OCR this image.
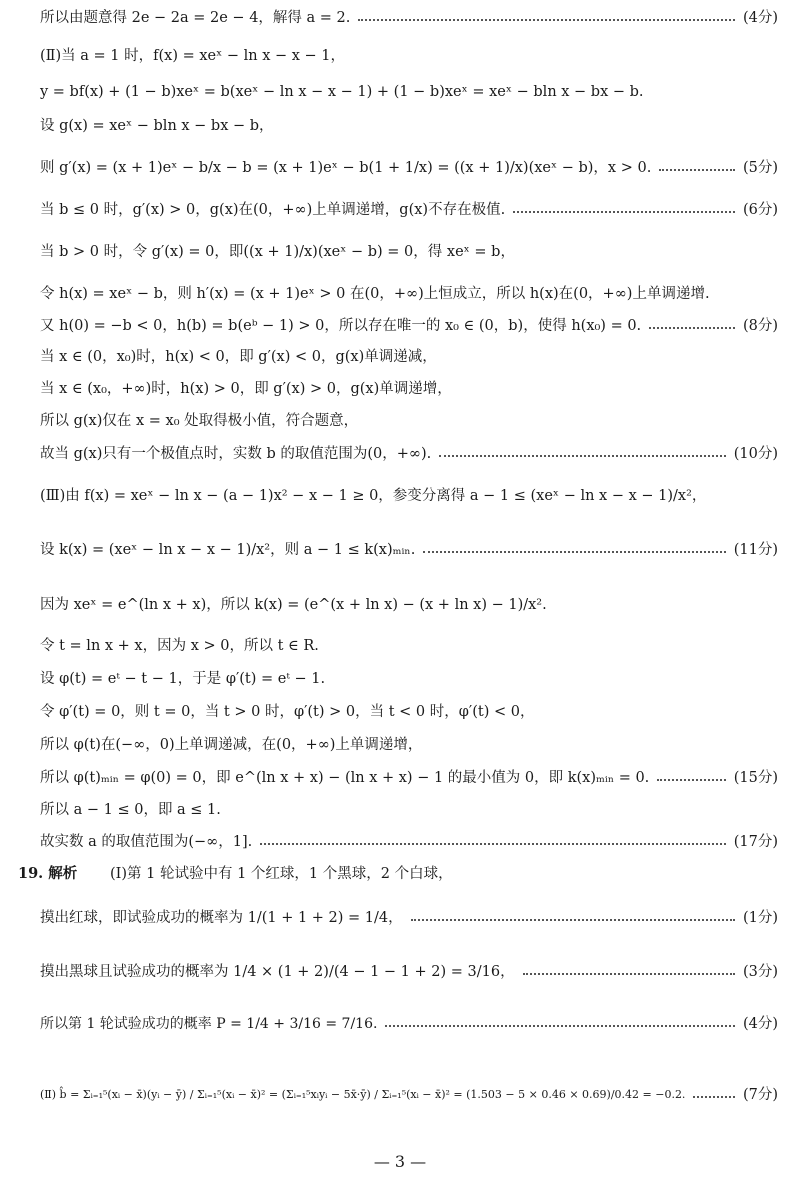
所以由题意得 2e − 2a = 2e − 4，解得 a = 2.	(4分)
(Ⅱ)当 a = 1 时，f(x) = xeˣ − ln x − x − 1，
y = bf(x) + (1 − b)xeˣ = b(xeˣ − ln x − x − 1) + (1 − b)xeˣ = xeˣ − bln x − bx − b.
设 g(x) = xeˣ − bln x − bx − b，
则 g′(x) = (x + 1)eˣ − b/x − b = (x + 1)eˣ − b(1 + 1/x) = ((x + 1)/x)(xeˣ − b)，x > 0.	(5分)
当 b ≤ 0 时，g′(x) > 0，g(x)在(0，+∞)上单调递增，g(x)不存在极值.	(6分)
当 b > 0 时，令 g′(x) = 0，即((x + 1)/x)(xeˣ − b) = 0，得 xeˣ = b，
令 h(x) = xeˣ − b，则 h′(x) = (x + 1)eˣ > 0 在(0，+∞)上恒成立，所以 h(x)在(0，+∞)上单调递增.
又 h(0) = −b < 0，h(b) = b(eᵇ − 1) > 0，所以存在唯一的 x₀ ∈ (0，b)，使得 h(x₀) = 0.	(8分)
当 x ∈ (0，x₀)时，h(x) < 0，即 g′(x) < 0，g(x)单调递减，
当 x ∈ (x₀，+∞)时，h(x) > 0，即 g′(x) > 0，g(x)单调递增，
所以 g(x)仅在 x = x₀ 处取得极小值，符合题意，
故当 g(x)只有一个极值点时，实数 b 的取值范围为(0，+∞).	(10分)
(Ⅲ)由 f(x) = xeˣ − ln x − (a − 1)x² − x − 1 ≥ 0，参变分离得 a − 1 ≤ (xeˣ − ln x − x − 1)/x²，
设 k(x) = (xeˣ − ln x − x − 1)/x²，则 a − 1 ≤ k(x)ₘᵢₙ.	(11分)
因为 xeˣ = e^(ln x + x)，所以 k(x) = (e^(x + ln x) − (x + ln x) − 1)/x².
令 t = ln x + x，因为 x > 0，所以 t ∈ R.
设 φ(t) = eᵗ − t − 1，于是 φ′(t) = eᵗ − 1.
令 φ′(t) = 0，则 t = 0，当 t > 0 时，φ′(t) > 0，当 t < 0 时，φ′(t) < 0，
所以 φ(t)在(−∞，0)上单调递减，在(0，+∞)上单调递增，
所以 φ(t)ₘᵢₙ = φ(0) = 0，即 e^(ln x + x) − (ln x + x) − 1 的最小值为 0，即 k(x)ₘᵢₙ = 0.	(15分)
所以 a − 1 ≤ 0，即 a ≤ 1.
故实数 a 的取值范围为(−∞，1].	(17分)
19. 解析 (Ⅰ)第 1 轮试验中有 1 个红球，1 个黑球，2 个白球，
摸出红球，即试验成功的概率为 1/(1 + 1 + 2) = 1/4，	(1分)
摸出黑球且试验成功的概率为 1/4 × (1 + 2)/(4 − 1 − 1 + 2) = 3/16，	(3分)
所以第 1 轮试验成功的概率 P = 1/4 + 3/16 = 7/16.	(4分)
(Ⅱ) b̂ = Σᵢ₌₁⁵(xᵢ − x̄)(yᵢ − ȳ) / Σᵢ₌₁⁵(xᵢ − x̄)² = (Σᵢ₌₁⁵xᵢyᵢ − 5x̄·ȳ) / Σᵢ₌₁⁵(xᵢ − x̄)² = (1.503 − 5 × 0.46 × 0.69)/0.42 = −0.2.	(7分)
— 3 —
